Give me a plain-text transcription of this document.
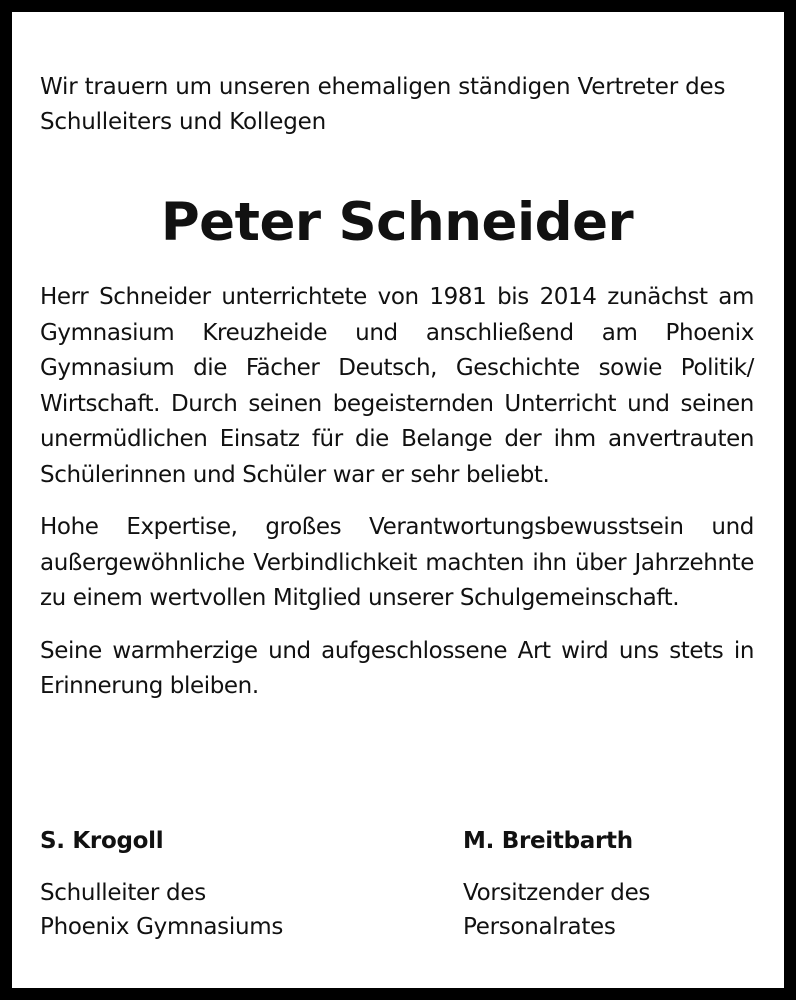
Wir trauern um unseren ehemaligen ständigen Vertreter des Schulleiters und Kollegen

Peter Schneider

Herr Schneider unterrichtete von 1981 bis 2014 zunächst am Gymnasium Kreuzheide und anschließend am Phoenix Gymnasium die Fächer Deutsch, Geschichte sowie Politik/ Wirtschaft. Durch seinen begeisternden Unterricht und seinen unermüdlichen Einsatz für die Belange der ihm anvertrauten Schülerinnen und Schüler war er sehr beliebt.

Hohe Expertise, großes Verantwortungsbewusstsein und außergewöhnliche Verbindlichkeit machten ihn über Jahrzehnte zu einem wertvollen Mitglied unserer Schulgemeinschaft.

Seine warmherzige und aufgeschlossene Art wird uns stets in Erinnerung bleiben.

S. Krogoll

Schulleiter des
Phoenix Gymnasiums

M. Breitbarth

Vorsitzender des
Personalrates
